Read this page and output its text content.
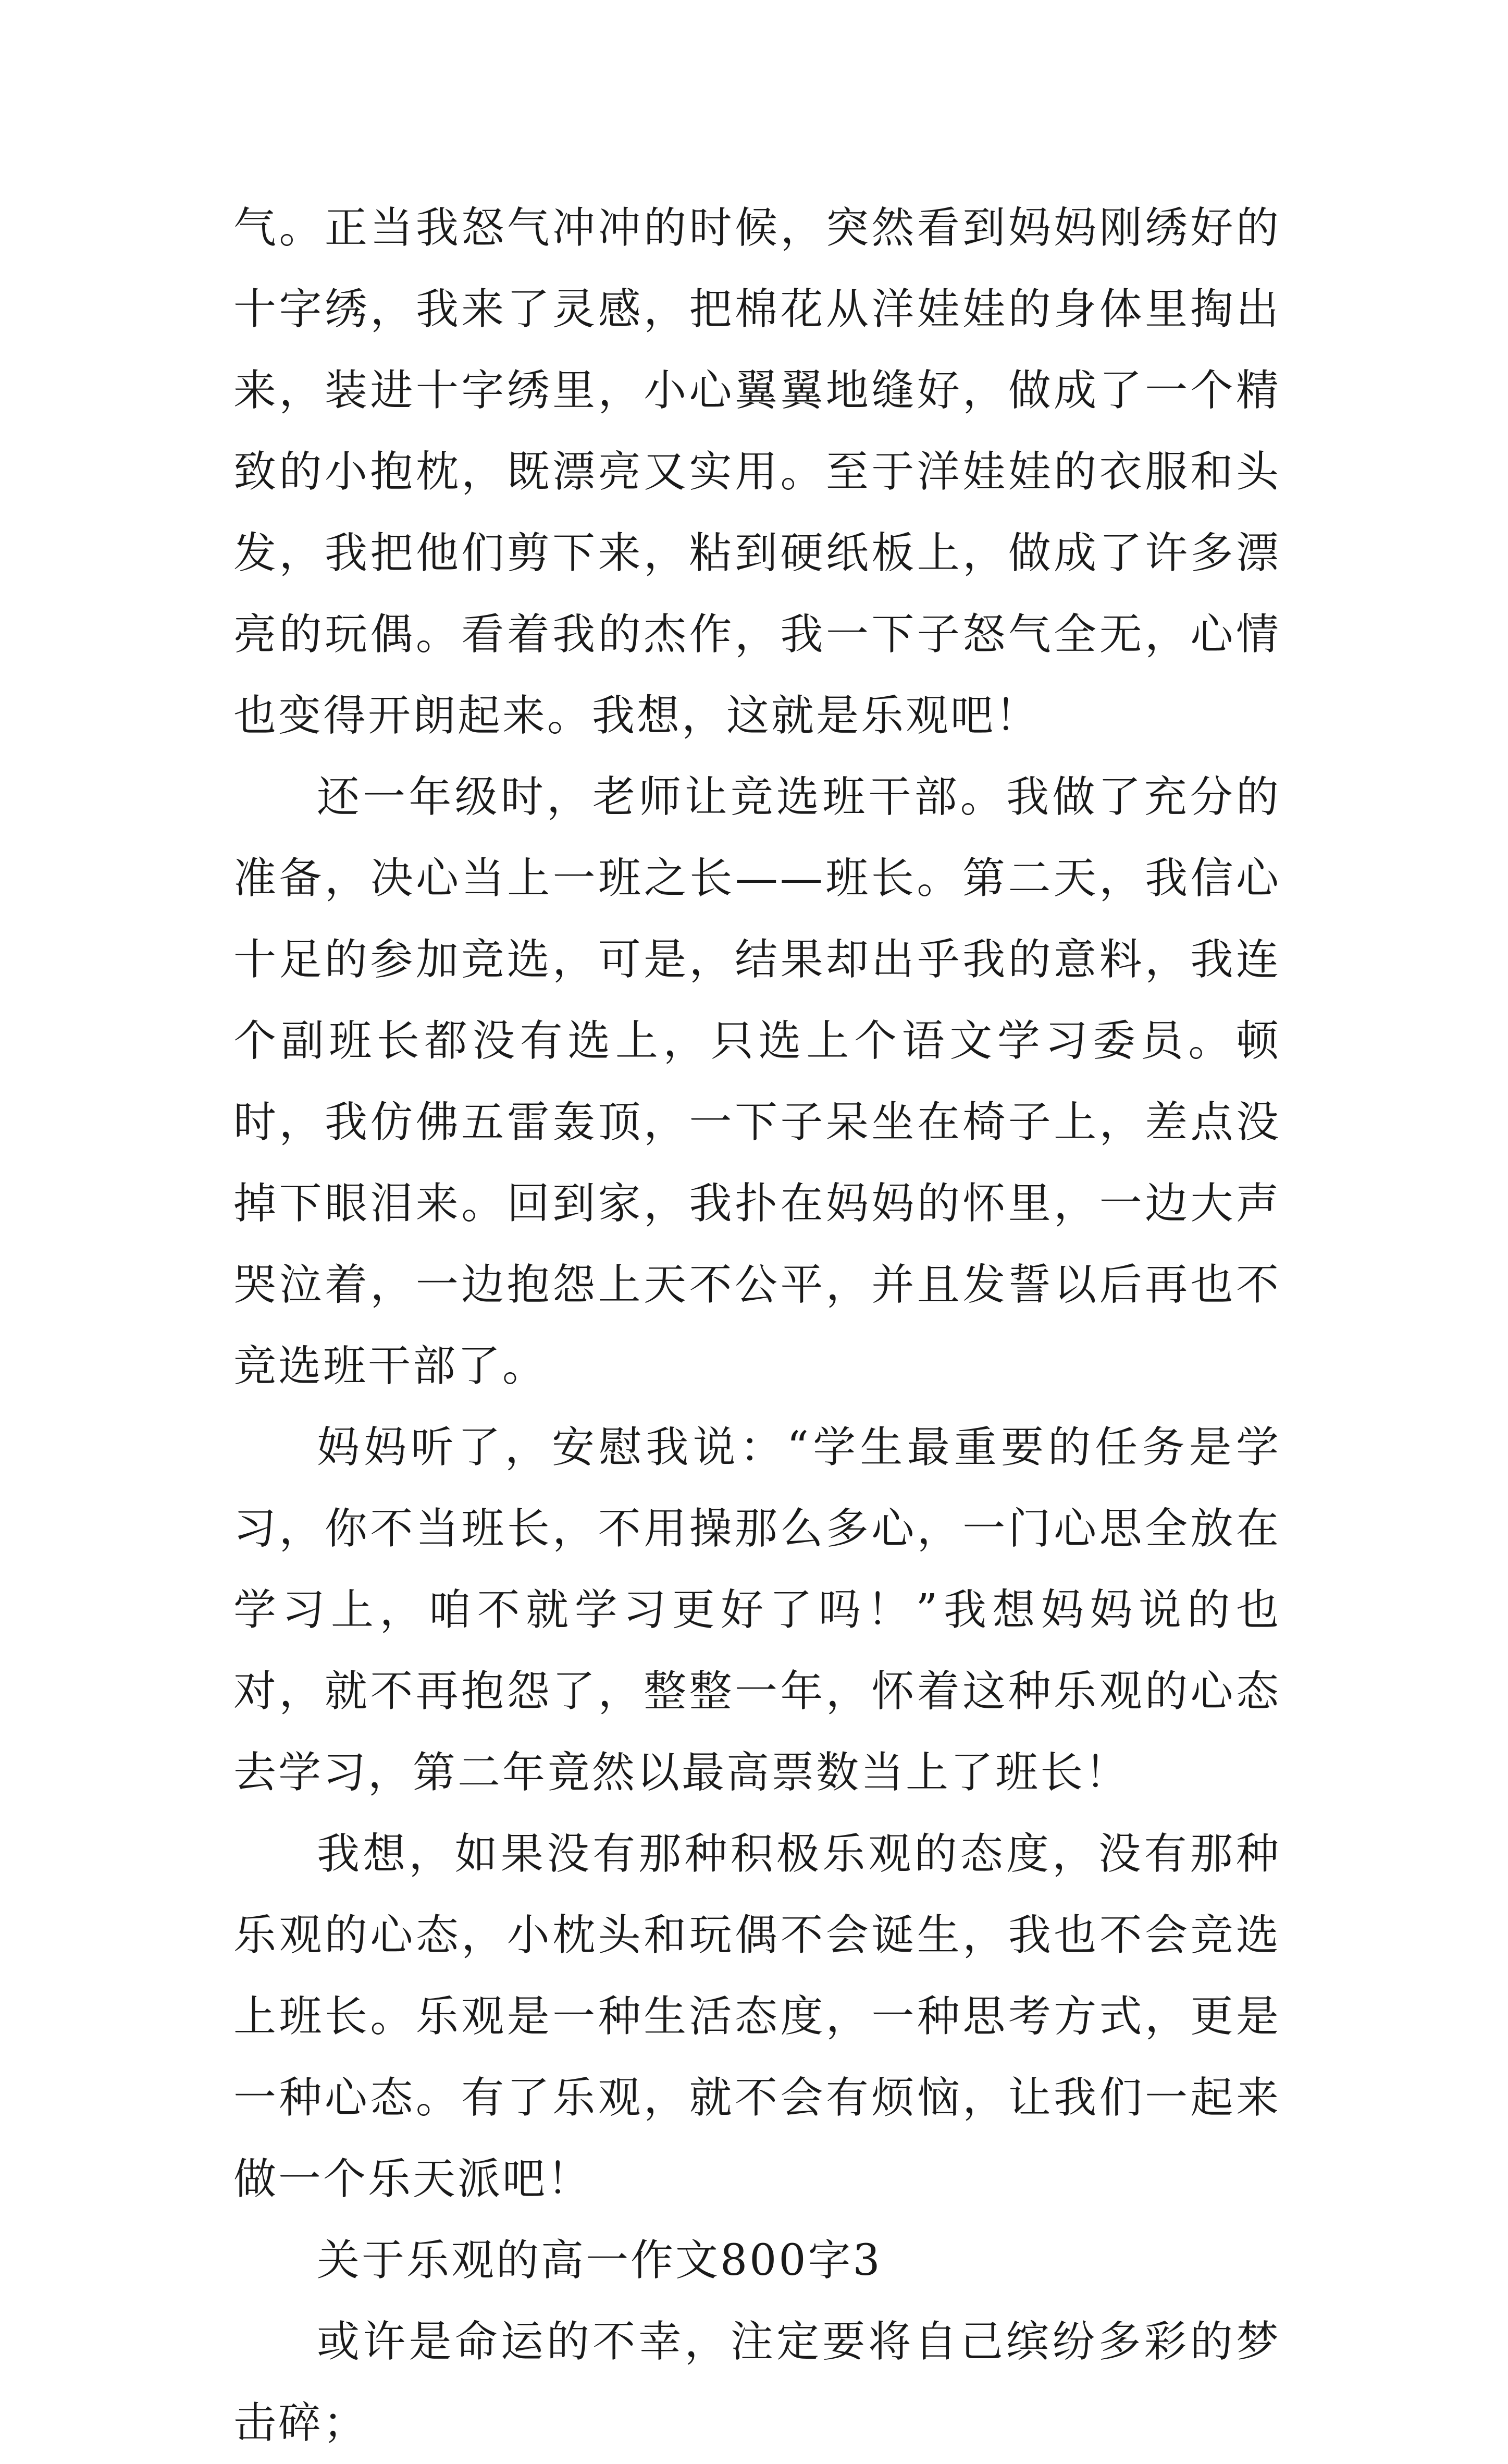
气。正当我怒气冲冲的时候，突然看到妈妈刚绣好的十字绣，我来了灵感，把棉花从洋娃娃的身体里掏出来，装进十字绣里，小心翼翼地缝好，做成了一个精致的小抱枕，既漂亮又实用。至于洋娃娃的衣服和头发，我把他们剪下来，粘到硬纸板上，做成了许多漂亮的玩偶。看着我的杰作，我一下子怒气全无，心情也变得开朗起来。我想，这就是乐观吧！

还一年级时，老师让竞选班干部。我做了充分的准备，决心当上一班之长——班长。第二天，我信心十足的参加竞选，可是，结果却出乎我的意料，我连个副班长都没有选上，只选上个语文学习委员。顿时，我仿佛五雷轰顶，一下子呆坐在椅子上，差点没掉下眼泪来。回到家，我扑在妈妈的怀里，一边大声哭泣着，一边抱怨上天不公平，并且发誓以后再也不竞选班干部了。

妈妈听了，安慰我说：“学生最重要的任务是学习，你不当班长，不用操那么多心，一门心思全放在学习上，咱不就学习更好了吗！”我想妈妈说的也对，就不再抱怨了，整整一年，怀着这种乐观的心态去学习，第二年竟然以最高票数当上了班长！

我想，如果没有那种积极乐观的态度，没有那种乐观的心态，小枕头和玩偶不会诞生，我也不会竞选上班长。乐观是一种生活态度，一种思考方式，更是一种心态。有了乐观，就不会有烦恼，让我们一起来做一个乐天派吧！

关于乐观的高一作文800字3

或许是命运的不幸，注定要将自己缤纷多彩的梦击碎；
